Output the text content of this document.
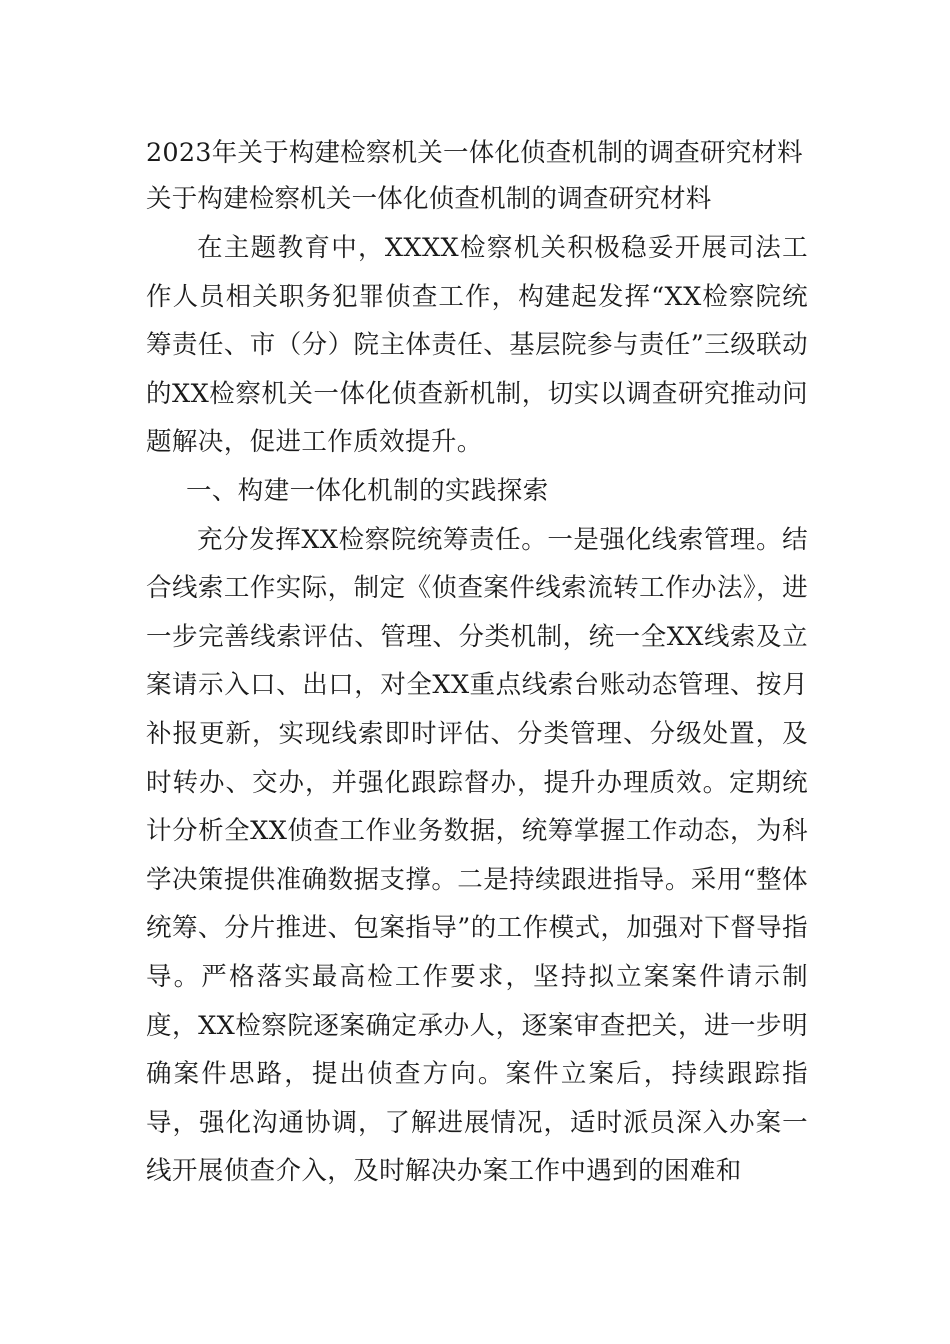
2023年关于构建检察机关一体化侦查机制的调查研究材料
关于构建检察机关一体化侦查机制的调查研究材料

在主题教育中，XXXX检察机关积极稳妥开展司法工作人员相关职务犯罪侦查工作，构建起发挥“XX检察院统筹责任、市（分）院主体责任、基层院参与责任”三级联动的XX检察机关一体化侦查新机制，切实以调查研究推动问题解决，促进工作质效提升。

一、构建一体化机制的实践探索

充分发挥XX检察院统筹责任。一是强化线索管理。结合线索工作实际，制定《侦查案件线索流转工作办法》，进一步完善线索评估、管理、分类机制，统一全XX线索及立案请示入口、出口，对全XX重点线索台账动态管理、按月补报更新，实现线索即时评估、分类管理、分级处置，及时转办、交办，并强化跟踪督办，提升办理质效。定期统计分析全XX侦查工作业务数据，统筹掌握工作动态，为科学决策提供准确数据支撑。二是持续跟进指导。采用“整体统筹、分片推进、包案指导”的工作模式，加强对下督导指导。严格落实最高检工作要求，坚持拟立案案件请示制度，XX检察院逐案确定承办人，逐案审查把关，进一步明确案件思路，提出侦查方向。案件立案后，持续跟踪指导，强化沟通协调，了解进展情况，适时派员深入办案一线开展侦查介入，及时解决办案工作中遇到的困难和
